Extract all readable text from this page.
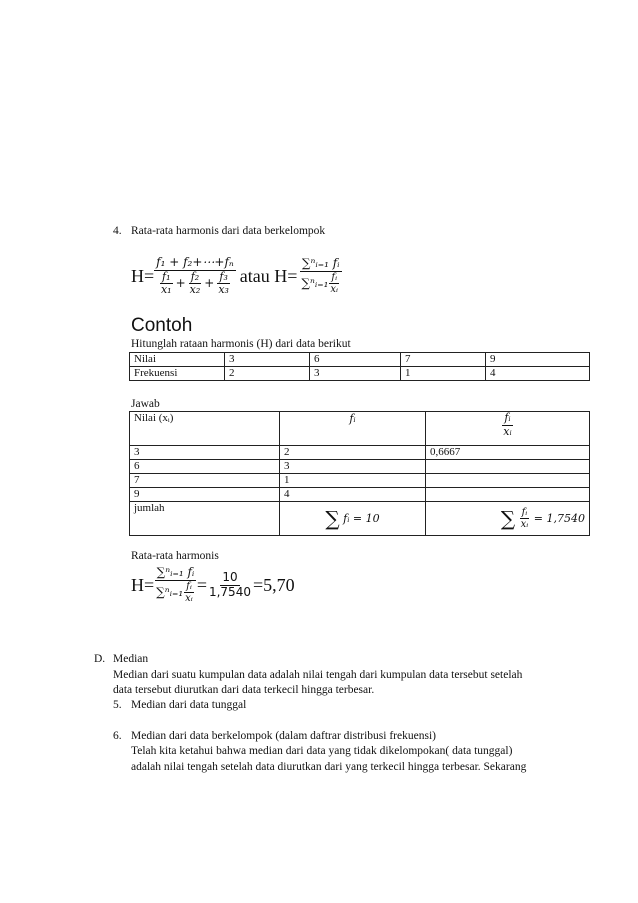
4. Rata-rata harmonis dari data berkelompok
$H= \frac{\text{f₁ + f₂+⋯+fₙ}}{\frac{\text{f₁}}{\text{x₁}} + \frac{\text{f₂}}{\text{x₂}} + \frac{\text{f₃}}{\text{x₃}}}$ atau $H= \frac{\text{∑ⁿᵢ₌₁ fᵢ}}{\sum^nᵢ_{=1} \frac{\text{fᵢ}}{\text{xᵢ}}}$
Contoh
Hitunglah rataan harmonis (H) dari data berikut
Nilai	3	6	7	9
Frekuensi	2	3	1	4
Jawab
Nilai (xᵢ)	fᵢ	$\frac{\text{fᵢ}}{\text{xᵢ}}$

3	2	0,6667
6	3	
7	1	
9	4	
jumlah	∑ fᵢ = 10	∑ $\frac{\text{fᵢ}}{\text{xᵢ}} = 1,7540$
Rata-rata harmonis
$H= \frac{\text{∑ⁿᵢ₌₁ fᵢ}}{\sum^nᵢ_{=1} \frac{\text{fᵢ}}{\text{xᵢ}}} = \frac{10}{1,7540} =5,70$
D. Median
Median dari suatu kumpulan data adalah nilai tengah dari kumpulan data tersebut setelah
data tersebut diurutkan dari data terkecil hingga terbesar.
5. Median dari data tunggal
6. Median dari data berkelompok (dalam daftrar distribusi frekuensi)
Telah kita ketahui bahwa median dari data yang tidak dikelompokan( data tunggal)
adalah nilai tengah setelah data diurutkan dari yang terkecil hingga terbesar. Sekarang
